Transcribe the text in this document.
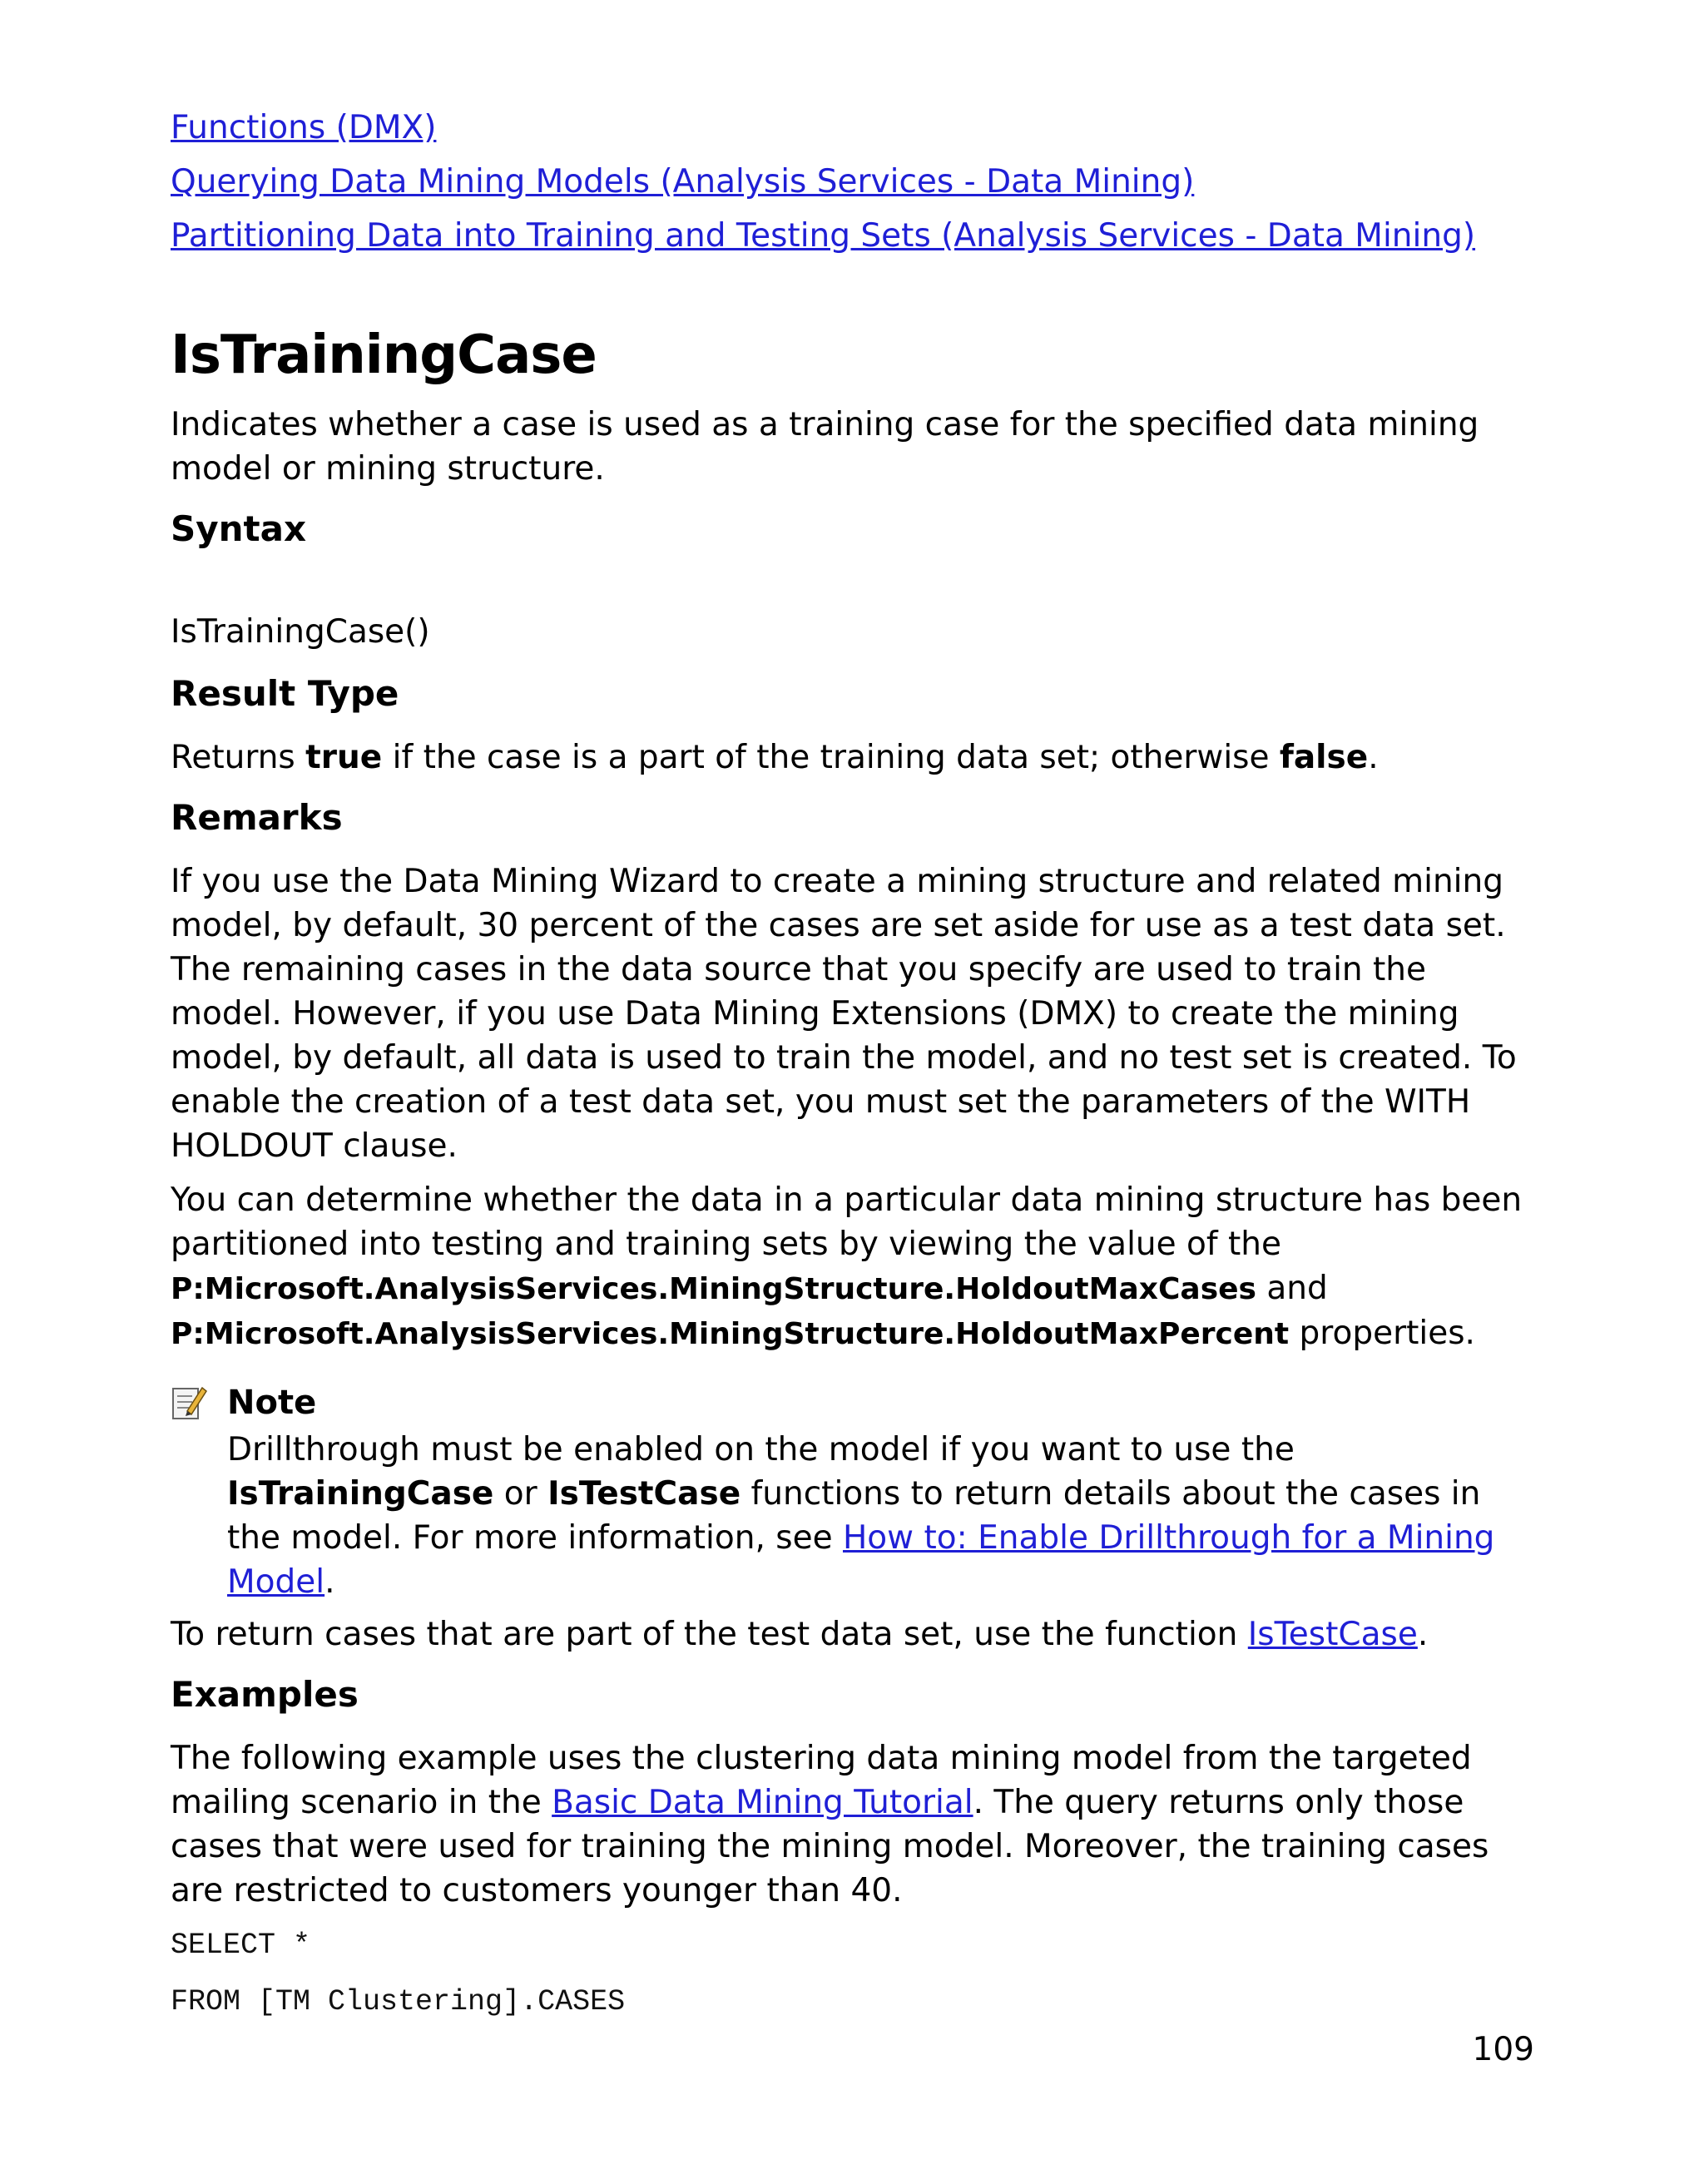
Functions (DMX)
Querying Data Mining Models (Analysis Services - Data Mining)
Partitioning Data into Training and Testing Sets (Analysis Services - Data Mining)
IsTrainingCase

Indicates whether a case is used as a training case for the specified data mining model or mining structure.

Syntax
IsTrainingCase()
Result Type

Returns true if the case is a part of the training data set; otherwise false.

Remarks

If you use the Data Mining Wizard to create a mining structure and related mining model, by default, 30 percent of the cases are set aside for use as a test data set. The remaining cases in the data source that you specify are used to train the model. However, if you use Data Mining Extensions (DMX) to create the mining model, by default, all data is used to train the model, and no test set is created. To enable the creation of a test data set, you must set the parameters of the WITH HOLDOUT clause.

You can determine whether the data in a particular data mining structure has been partitioned into testing and training sets by viewing the value of the P:Microsoft.AnalysisServices.MiningStructure.HoldoutMaxCases and P:Microsoft.AnalysisServices.MiningStructure.HoldoutMaxPercent properties.

Note

Drillthrough must be enabled on the model if you want to use the IsTrainingCase or IsTestCase functions to return details about the cases in the model. For more information, see How to: Enable Drillthrough for a Mining Model.

To return cases that are part of the test data set, use the function IsTestCase.

Examples

The following example uses the clustering data mining model from the targeted mailing scenario in the Basic Data Mining Tutorial. The query returns only those cases that were used for training the mining model. Moreover, the training cases are restricted to customers younger than 40.

SELECT *
FROM [TM Clustering].CASES
109
